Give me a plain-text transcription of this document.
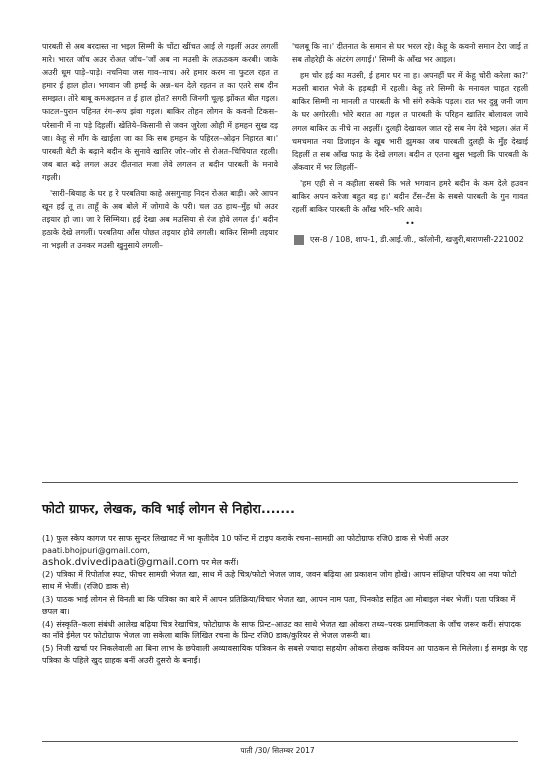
पारबती से अब बरदास्त ना भइल सिम्मी के चोंटा खींचत आई ले गइलीं अउर लगलीं मारे। भारत जॉच अउर रोअत जॉच–'जाँ अब ना मउसी के लऊठकम करबी। जाके अउरी धूम पाड़े–पाड़े। नचनिया जस गाव–नाच। अरे हमार करम ना फुटल रहत त हमार ई हाल होत। भगवान जी हमर्ई के अन्न–धन देले रहतन त का एतरे सब दीन समझत। तोरे बाबू कमअइतन त ई हाल होत? सगरी जिनगी चूल्ह झोंकत बीत गइल। फाटल–पुरान पहिनत रंग–रूप झंवा गइल। बाकिर तोहन लोगन के कवनो टिकस–परेसानी में ना पड़े दिहलीं। खेतिये–किसानी से जवन जुरेला ओही में हमहन सुख दइ जा। केहू से माँग के खाईला जा का कि सब हमहन के पहिरल–ओढ़न निहारत बा।' पारबती बेटी के बढ़ाने बदीन के सुनावे खातिर जोर–जोर से रोअत–चिचियात रहली।जब बात बढ़े लगल अउर दीतनात मजा लेवे लगलन त बदीन पारबती के मनावे गइली।

'सारी–बियाह के घर ह रे परबतिया काहे असगुनाह निदन रोअत बाड़ी। अरे आपन खून हई तू त। ताहूँ के अब बोले में जोगावे के परी। चल उठ हाथ–मुँह धो अउर तइयार हो जा। जा रे सिम्मिया। हई देखा अब मउसिया से रंज होवे लगल ई।' बदीन हठाके देखे लगलीं। परबतिया आँस पोछत तइयार होवे लगली। बाकिर सिम्मी तइयार ना भइली त उनकर मउसी खुनुसाये लगली–

'चलबू कि ना।' दीतनात के समान से घर भरल रहे। केहू के कवनो समान टेरा जाई त सब तोहरेही के अंटरंग लगाई।' सिम्मी के आँख भर आइल।

हम चोर हई का मउसी, ई हमार घर ना ह। अपनहीं घर में केहू चोरी करेला का?' मउसी बारात भेजे के हड़बड़ी में रहली। केहू तरे सिम्मी के मनावल चाहत रहली बाकिर सिम्मी ना मानली त पारबती के भी संगे रुकेके पड़ल। रात भर दुन्नु जनी जाग के घर अगोरली। भोरे बरात आ गइल त पारबती के परिहन खातिर बोलावल जाये लगल बाकिर ऊ नीचे ना अइलीं। दुलही देखावल जात रहे सब नेग देवे भइल। अंत में चमचमात नया डिजाइन के खूब भारी झुमका जब पारबती दुलही के मुँह देखाई दिहलीं त सब आँख फाड़ के देखे लगल। बदीन त एतना खुस भइली कि पारबती के अँकवार में भर लिहलीं–

'हम एही से न कहीला सबसे कि भले भगवान हमरे बदीन के कम देले हउवन बाकिर अपन करेजा बहुत बड़ ह।' बदीन टँस–टँस के सबसे पारबती के गुन गावत रहलीं बाकिर पारबती के आँख भरि–भरि आवे।

••
एस-8 / 108, शाप-1, डी.आई.जी., कॉलोनी, खजुरी,बाराणसी-221002
फोटो ग्राफर, लेखक, कवि भाई लोगन से निहोरा.......
(1) फुल स्केप कागज पर साफ सुन्दर लिखावट में भा कृतीदेव 10 फॉन्ट में टाइप कराके रचना–सामग्री आ फोटोग्राफ रजि0 डाक से भेजीं अउर paati.bhojpuri@gmail.com,
ashok.dvivedipaati@gmail.com पर मेल करीं।
(2) पत्रिका में रिपोर्ताज स्पट, फीचर सामग्री भेजत खा, साथ में ऊहे चित्र/फोटो भेजल जाव, जवन बढ़िया आ प्रकाशन जोग होखे। आपन संक्षिप्त परिचय आ नया फोटो साथ में भेजीं। (रजि0 डाक से)
(3) पाठक भाई लोगन से विनती बा कि पत्रिका का बारे में आपन प्रतिक्रिया/विचार भेजत खा, आपन नाम पता, पिनकोड सहित आ मोबाइल नंबर भेजीं। पता पत्रिका में छपल बा।
(4) संस्कृति–कला संबंधी आलेख बढ़िया चित्र रेखाचित्र, फोटोग्राफ के साफ प्रिन्ट–आउट का साथे भेजत खा ओकरा तथ्य–परक प्रमाणिकता के जाँच जरूर करीं। संपादक का नाँवे ईमेल पर फोटोग्राफ भेजल जा सकेला बाकि लिखित रचना के प्रिन्ट रजि0 डाक/कुरियर से भेजल जरूरी बा।
(5) निजी खर्चा पर निकलेवाली आ बिना लाभ के छपेवाली अव्यावसायिक पत्रिकन के सबसे ज्यादा सहयोग ओकरा लेखक कवियन आ पाठकन से मिलेला। ई समझ के एह पत्रिका के पहिले खुद ग्राहक बनीं अउरी दुसरो के बनाईं।
पाती /30/ सितम्बर 2017
